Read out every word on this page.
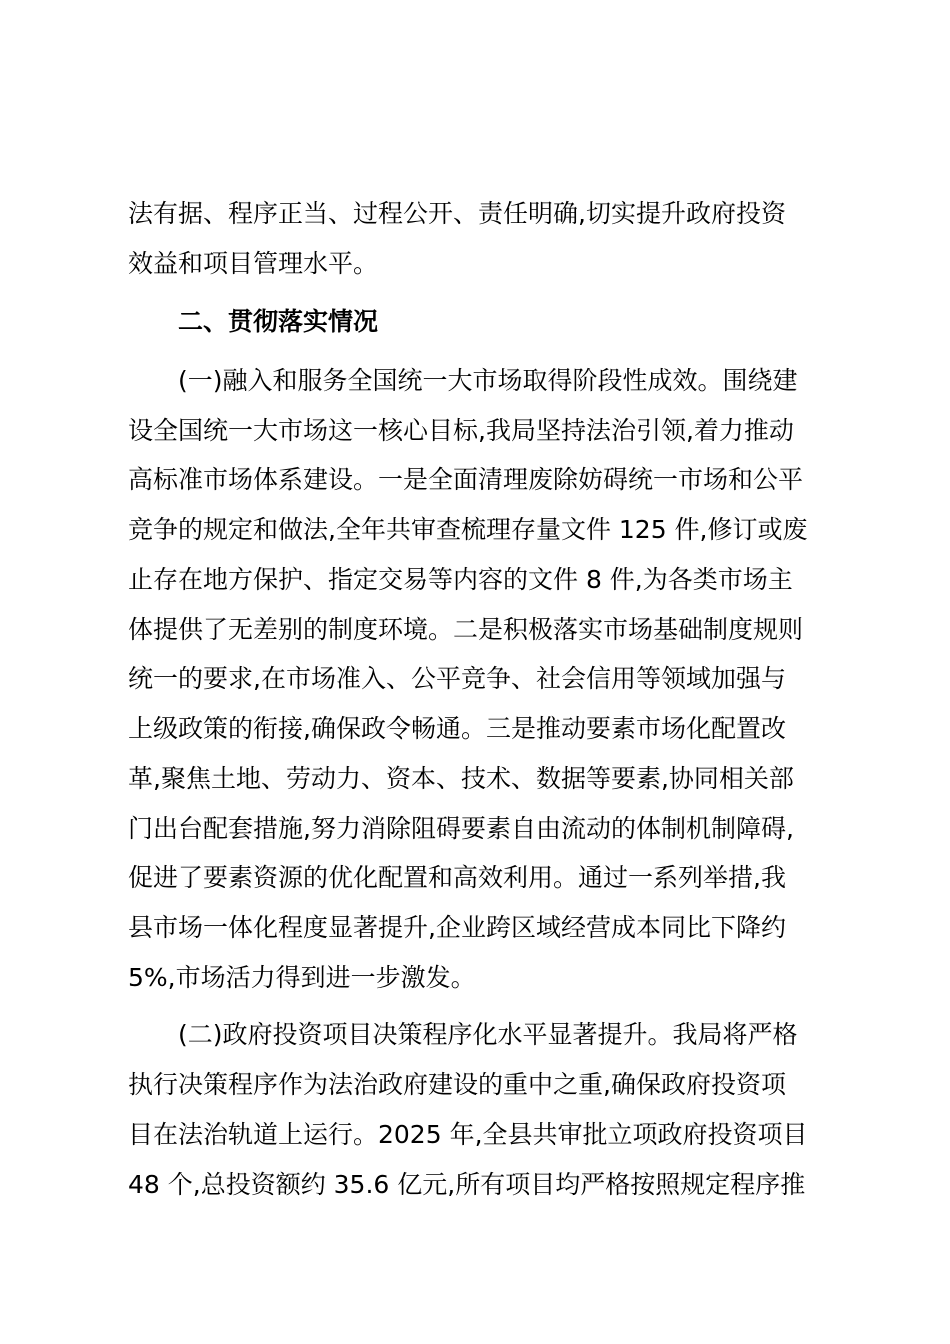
法有据、程序正当、过程公开、责任明确,切实提升政府投资
效益和项目管理水平。
二、贯彻落实情况
(一)融入和服务全国统一大市场取得阶段性成效。围绕建
设全国统一大市场这一核心目标,我局坚持法治引领,着力推动
高标准市场体系建设。一是全面清理废除妨碍统一市场和公平
竞争的规定和做法,全年共审查梳理存量文件 125 件,修订或废
止存在地方保护、指定交易等内容的文件 8 件,为各类市场主
体提供了无差别的制度环境。二是积极落实市场基础制度规则
统一的要求,在市场准入、公平竞争、社会信用等领域加强与
上级政策的衔接,确保政令畅通。三是推动要素市场化配置改
革,聚焦土地、劳动力、资本、技术、数据等要素,协同相关部
门出台配套措施,努力消除阻碍要素自由流动的体制机制障碍,
促进了要素资源的优化配置和高效利用。通过一系列举措,我
县市场一体化程度显著提升,企业跨区域经营成本同比下降约
5%,市场活力得到进一步激发。
(二)政府投资项目决策程序化水平显著提升。我局将严格
执行决策程序作为法治政府建设的重中之重,确保政府投资项
目在法治轨道上运行。2025 年,全县共审批立项政府投资项目
48 个,总投资额约 35.6 亿元,所有项目均严格按照规定程序推
